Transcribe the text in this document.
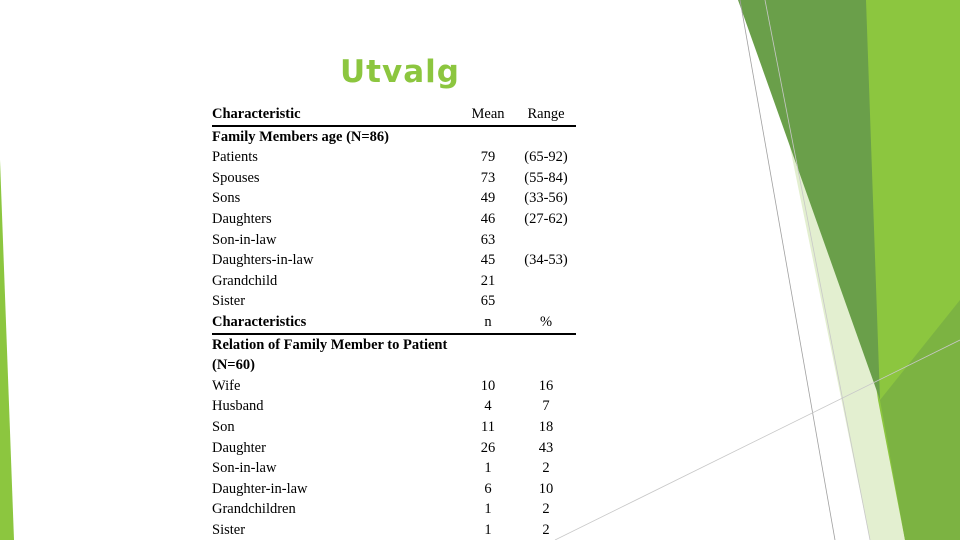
Utvalg
Characteristic	Mean	Range
Family Members age (N=86)		
Patients	79	(65-92)
Spouses	73	(55-84)
Sons	49	(33-56)
Daughters	46	(27-62)
Son-in-law	63	
Daughters-in-law	45	(34-53)
Grandchild	21	
Sister	65	
Characteristics	n	%
Relation of Family Member to Patient		
(N=60)		
Wife	10	16
Husband	4	7
Son	11	18
Daughter	26	43
Son-in-law	1	2
Daughter-in-law	6	10
Grandchildren	1	2
Sister	1	2
